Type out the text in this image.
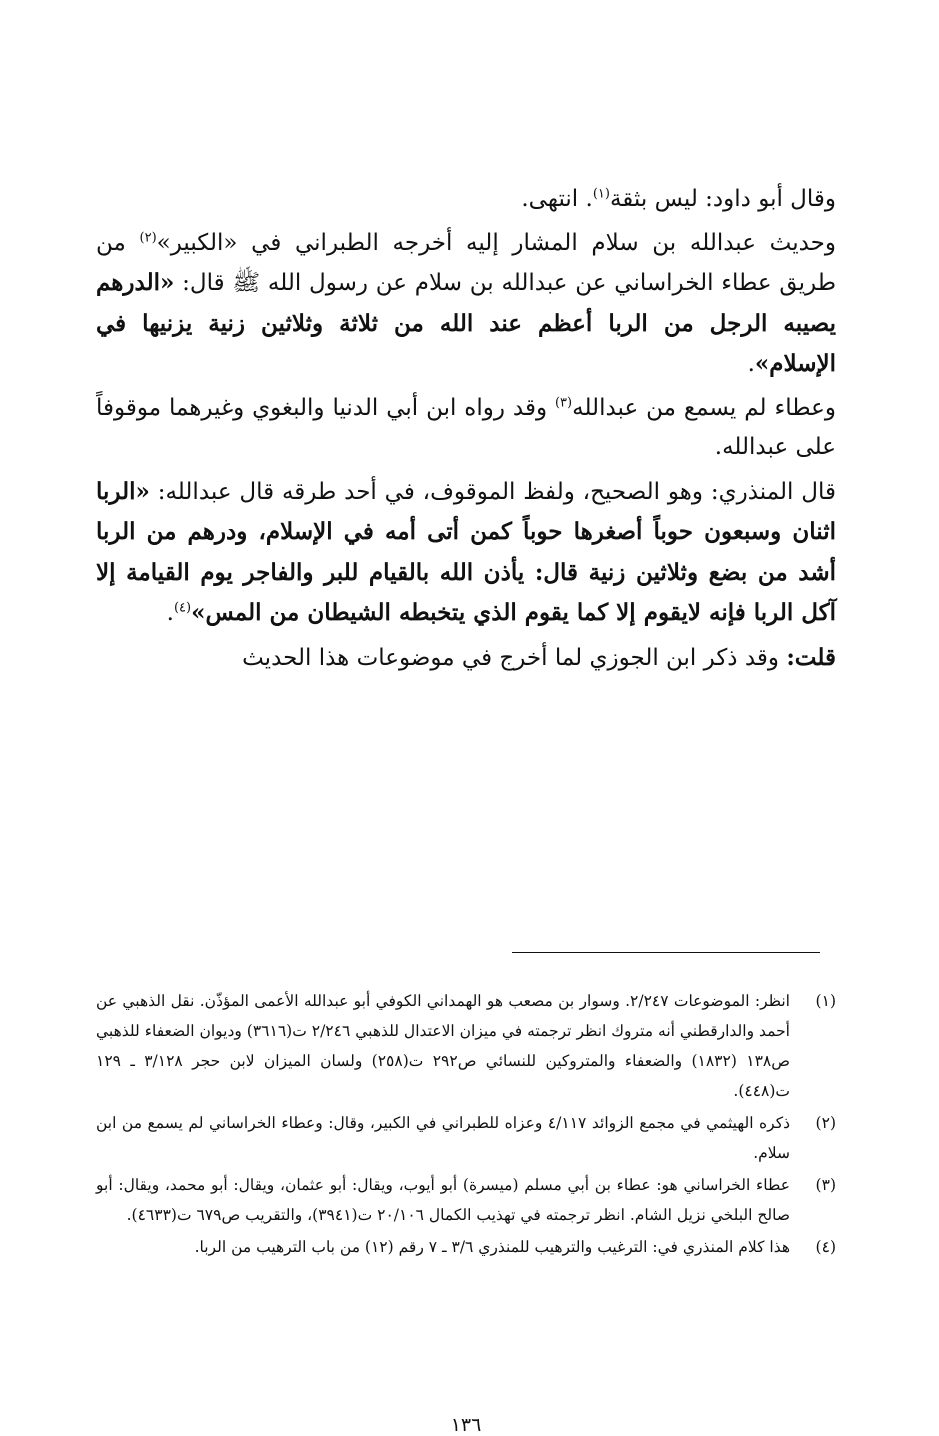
وقال أبو داود: ليس بثقة$^{(١)}$. انتهى.

وحديث عبدالله بن سلام المشار إليه أخرجه الطبراني في «الكبير»$^{(٢)}$ من طريق عطاء الخراساني عن عبدالله بن سلام عن رسول الله ﷺ قال: «الدرهم يصيبه الرجل من الربا أعظم عند الله من ثلاثة وثلاثين زنية يزنيها في الإسلام».

وعطاء لم يسمع من عبدالله$^{(٣)}$ وقد رواه ابن أبي الدنيا والبغوي وغيرهما موقوفاً على عبدالله.

قال المنذري: وهو الصحيح، ولفظ الموقوف، في أحد طرقه قال عبدالله: «الربا اثنان وسبعون حوباً أصغرها حوباً كمن أتى أمه في الإسلام، ودرهم من الربا أشد من بضع وثلاثين زنية قال: يأذن الله بالقيام للبر والفاجر يوم القيامة إلا آكل الربا فإنه لايقوم إلا كما يقوم الذي يتخبطه الشيطان من المس»$^{(٤)}$.

قلت: وقد ذكر ابن الجوزي لما أخرج في موضوعات هذا الحديث

(١)
انظر: الموضوعات ٢/٢٤٧. وسوار بن مصعب هو الهمداني الكوفي أبو عبدالله الأعمى المؤذّن. نقل الذهبي عن أحمد والدارقطني أنه متروك انظر ترجمته في ميزان الاعتدال للذهبي ٢/٢٤٦ ت(٣٦١٦) وديوان الضعفاء للذهبي ص١٣٨ (١٨٣٢) والضعفاء والمتروكين للنسائي ص٢٩٢ ت(٢٥٨) ولسان الميزان لابن حجر ٣/١٢٨ ـ ١٢٩ ت(٤٤٨).
(٢)
ذكره الهيثمي في مجمع الزوائد ٤/١١٧ وعزاه للطبراني في الكبير، وقال: وعطاء الخراساني لم يسمع من ابن سلام.
(٣)
عطاء الخراساني هو: عطاء بن أبي مسلم (ميسرة) أبو أيوب، ويقال: أبو عثمان، ويقال: أبو محمد، ويقال: أبو صالح البلخي نزيل الشام. انظر ترجمته في تهذيب الكمال ٢٠/١٠٦ ت(٣٩٤١)، والتقريب ص٦٧٩ ت(٤٦٣٣).
(٤)
هذا كلام المنذري في: الترغيب والترهيب للمنذري ٣/٦ ـ ٧ رقم (١٢) من باب الترهيب من الربا.
١٣٦
